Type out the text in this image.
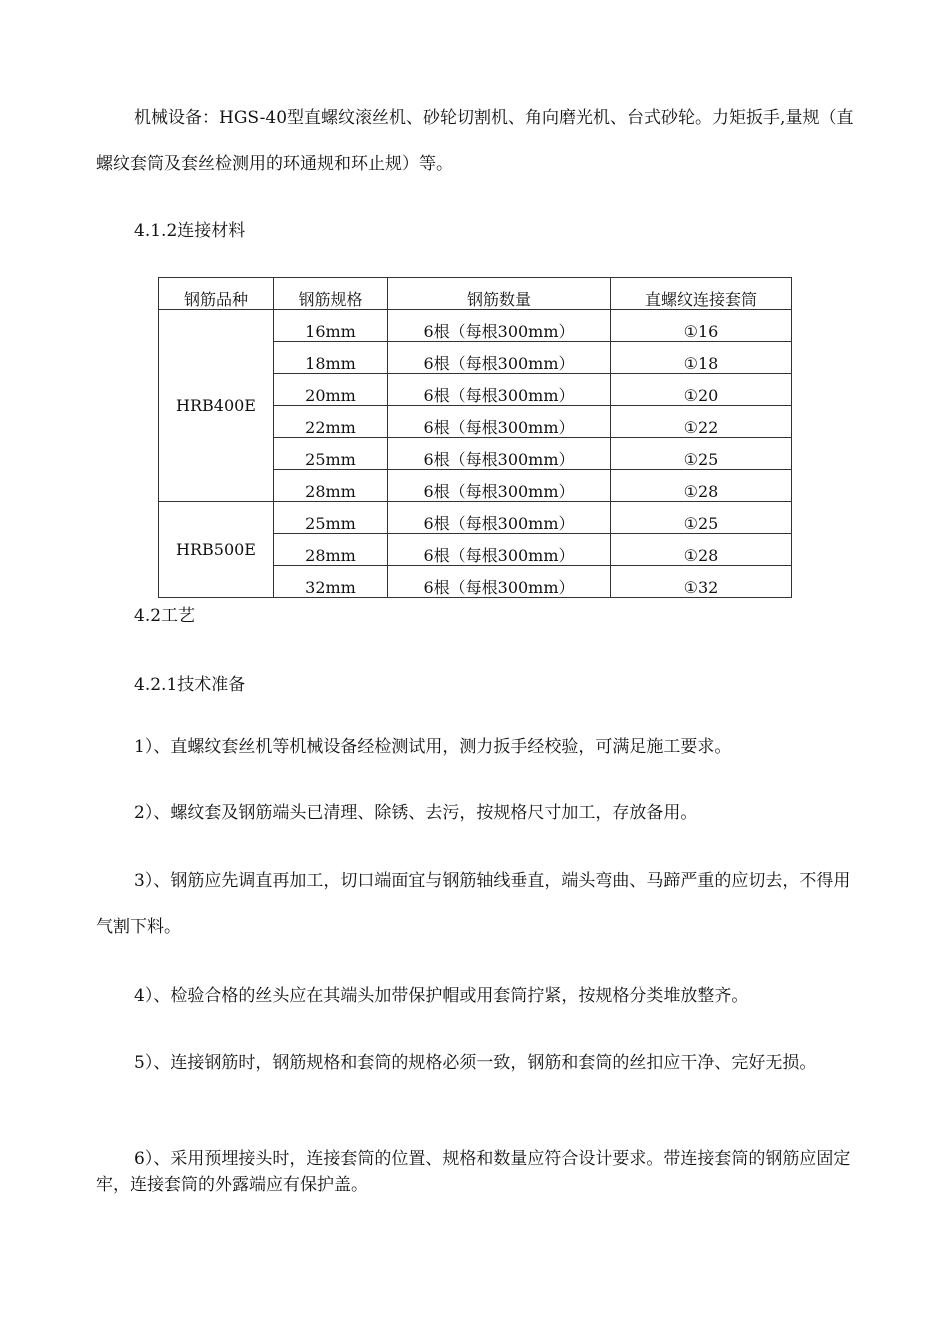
机械设备：HGS-40型直螺纹滚丝机、砂轮切割机、角向磨光机、台式砂轮。力矩扳手,量规（直螺纹套筒及套丝检测用的环通规和环止规）等。
4.1.2连接材料
钢筋品种	钢筋规格	钢筋数量	直螺纹连接套筒
HRB400E	16mm	6根（每根300mm）	①16
	18mm	6根（每根300mm）	①18
	20mm	6根（每根300mm）	①20
	22mm	6根（每根300mm）	①22
	25mm	6根（每根300mm）	①25
	28mm	6根（每根300mm）	①28
HRB500E	25mm	6根（每根300mm）	①25
	28mm	6根（每根300mm）	①28
	32mm	6根（每根300mm）	①32
4.2工艺
4.2.1技术准备
1）、直螺纹套丝机等机械设备经检测试用，测力扳手经校验，可满足施工要求。
2）、螺纹套及钢筋端头已清理、除锈、去污，按规格尺寸加工，存放备用。
3）、钢筋应先调直再加工，切口端面宜与钢筋轴线垂直，端头弯曲、马蹄严重的应切去，不得用气割下料。
4）、检验合格的丝头应在其端头加带保护帽或用套筒拧紧，按规格分类堆放整齐。
5）、连接钢筋时，钢筋规格和套筒的规格必须一致，钢筋和套筒的丝扣应干净、完好无损。
6）、采用预埋接头时，连接套筒的位置、规格和数量应符合设计要求。带连接套筒的钢筋应固定牢，连接套筒的外露端应有保护盖。
